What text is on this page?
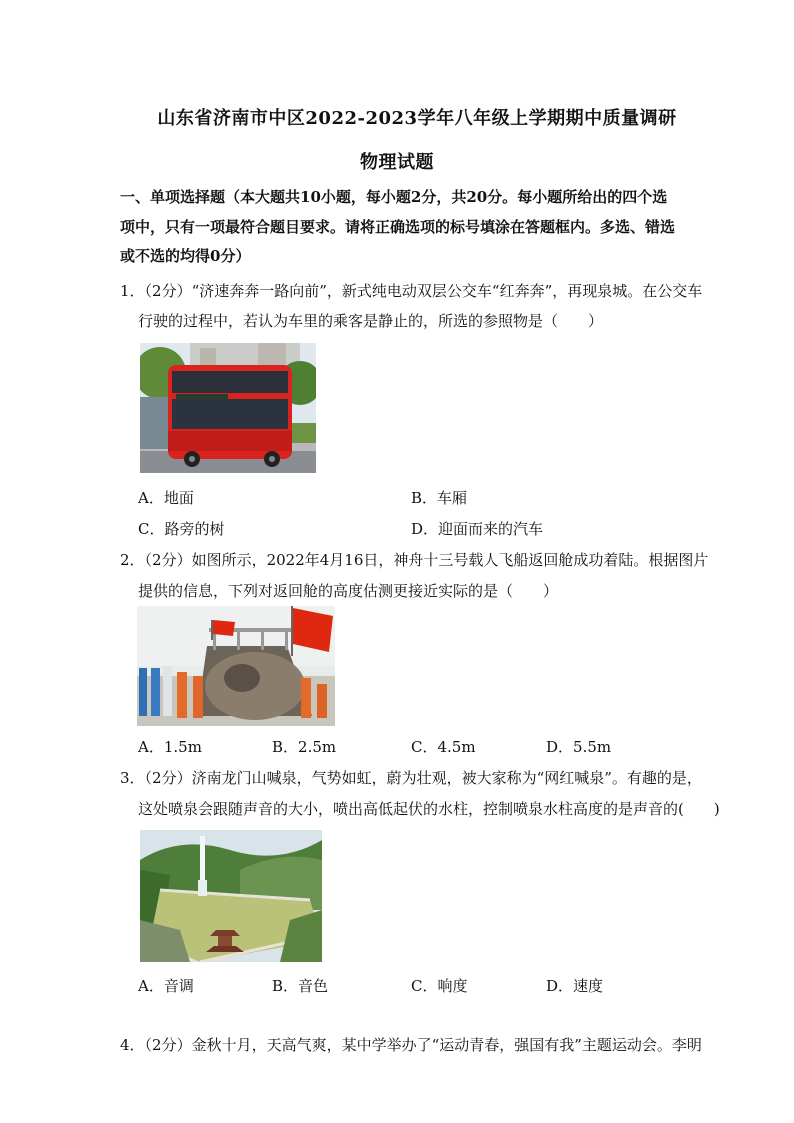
山东省济南市中区2022-2023学年八年级上学期期中质量调研
物理试题
一、单项选择题（本大题共10小题，每小题2分，共20分。每小题所给出的四个选项中，只有一项最符合题目要求。请将正确选项的标号填涂在答题框内。多选、错选或不选的均得0分）
1．（2分）“济速奔奔一路向前”，新式纯电动双层公交车“红奔奔”，再现泉城。在公交车
行驶的过程中，若认为车里的乘客是静止的，所选的参照物是（　　）
A．地面	B．车厢
C．路旁的树	D．迎面而来的汽车
2．（2分）如图所示，2022年4月16日，神舟十三号载人飞船返回舱成功着陆。根据图片
提供的信息，下列对返回舱的高度估测更接近实际的是（　　）
A．1.5m	B．2.5m	C．4.5m	D．5.5m
3．（2分）济南龙门山喊泉，气势如虹，蔚为壮观，被大家称为“网红喊泉”。有趣的是，
这处喷泉会跟随声音的大小，喷出高低起伏的水柱，控制喷泉水柱高度的是声音的(　　)
A．音调	B．音色	C．响度	D．速度
4．（2分）金秋十月，天高气爽，某中学举办了“运动青春，强国有我”主题运动会。李明
